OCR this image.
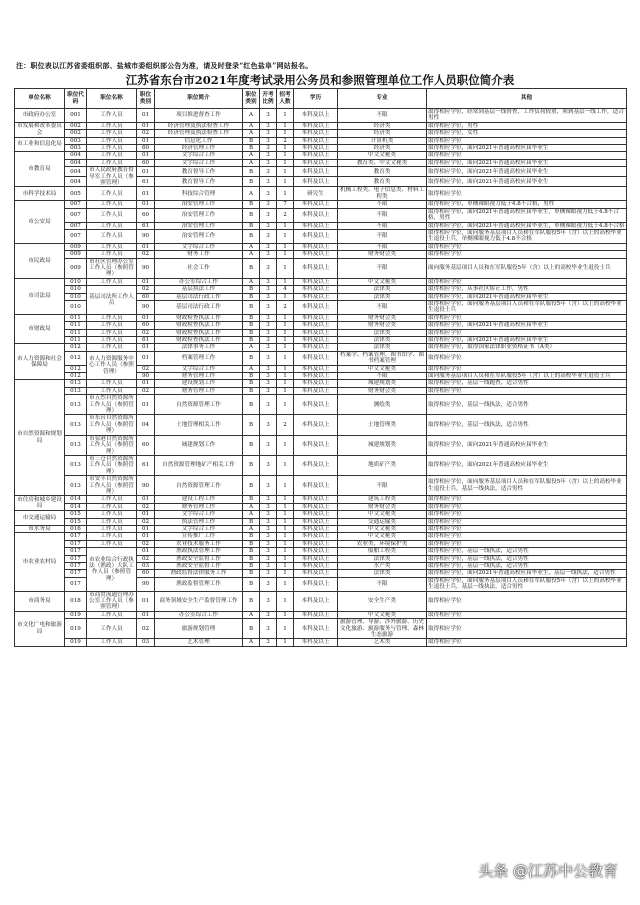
注：职位表以江苏省委组织部、盐城市委组织部公告为准，请及时登录“红色盐阜”网站报名。
江苏省东台市2021年度考试录用公务员和参照管理单位工作人员职位简介表
单位名称	职位代码	职位名称	职位类别	职位简介	职位类别	开考比例	招考人数	学历	专业	其他
市政府办公室	001	工作人员	01	项目推进督查工作	A	3	1	本科及以上	不限	取得相应学位，经常到基层一线督查，工作负荷较重，须到基层一线工作，适合男性
市发展和改革委员会	002	工作人员	01	经济管理及执法检查工作	A	3	1	本科及以上	经济类	取得相应学位，男性
	002	工作人员	02	经济管理及执法检查工作	A	3	1	本科及以上	经济类	取得相应学位，女性
市工业和信息化局	003	工作人员	01	信息化工作	B	3	2	本科及以上	计算机类	取得相应学位
	003	工作人员	60	经济管理工作	B	3	1	本科及以上	经济类	取得相应学位，面向2021年普通高校应届毕业生
市教育局	004	工作人员	01	文字综合工作	A	3	1	本科及以上	中文文秘类	取得相应学位
	004	工作人员	60	文字综合工作	A	3	1	本科及以上	教育类、中文文秘类	取得相应学位，面向2021年普通高校应届毕业生
	004	市人民政府教育督导室工作人员（参照管理）	01	教育督导工作	B	3	1	本科及以上	教育类	取得相应学位，面向2021年普通高校应届毕业生
	004		61	教育督导工作	B	3	1	本科及以上	教育类	取得相应学位，面向2021年普通高校应届毕业生
市科学技术局	005	工作人员	01	科技综合管理	A	3	1	研究生	机械工程类、电子信息类、材料工程类	取得相应学位
市公安局	007	工作人员	01	治安管理工作	B	3	7	本科及以上	不限	取得相应学位，单侧裸眼视力低于4.8不合格，男性
	007	工作人员	60	治安管理工作	B	3	2	本科及以上	不限	取得相应学位，面向2021年普通高校应届毕业生，单侧裸眼视力低于4.8不合格，男性
	007	工作人员	61	治安管理工作	B	3	1	本科及以上	不限	取得相应学位，面向2021年普通高校应届毕业生，单侧裸眼视力低于4.8不合格
	007	工作人员	90	治安管理工作	B	3	1	本科及以上	不限	取得相应学位，面向服务基层项目人员和在军队服役5年（含）以上的高校毕业生退役士兵，单侧裸眼视力低于4.8不合格
市民政局	009	工作人员	01	文字综合工作	A	3	1	本科及以上	不限	取得相应学位
	009	工作人员	02	财务工作	A	3	1	本科及以上	财务财会类	取得相应学位
	009	市社区管理办公室工作人员（参照管理）	90	社会工作	B	3	1	本科及以上	不限	面向服务基层项目人员和在军队服役5年（含）以上的高校毕业生退役士兵
市司法局	010	工作人员	01	办公室综合工作	A	3	1	本科及以上	中文文秘类	取得相应学位
	010	基层司法所工作人员	02	基层执法工作	B	3	4	本科及以上	法律类	取得相应学位，从事社区矫正工作，男性
	010		60	基层司法行政工作	B	3	1	本科及以上	法律类	取得相应学位，面向2021年普通高校应届毕业生
	010		90	基层司法行政工作	B	3	2	本科及以上	不限	取得相应学位，面向服务基层项目人员和在军队服役5年（含）以上的高校毕业生退役士兵
市财政局	011	工作人员	01	财政检查执法工作	B	3	1	本科及以上	财务财会类	取得相应学位
	011	工作人员	60	财政检查执法工作	B	3	1	本科及以上	财务财会类	取得相应学位，面向2021年普通高校应届毕业生
	011	工作人员	02	财政检查执法工作	B	3	1	本科及以上	法律类	取得相应学位
	011	工作人员	61	财政检查执法工作	B	3	1	本科及以上	法律类	取得相应学位，面向2021年普通高校应届毕业生
市人力资源和社会保障局	012	工作人员	01	法律事务工作	A	3	1	本科及以上	法律类	取得相应学位，取得国家法律职业资格证书（A类）
	012	市人力资源服务中心工作人员（参照管理）	01	档案管理工作	B	3	1	本科及以上	档案学、档案管理、图书馆学、图书档案管理	取得相应学位
	012		02	文字综合工作	A	3	1	本科及以上	中文文秘类	取得相应学位
	012		90	财务管理工作	B	3	1	本科及以上	不限	面向服务基层项目人员和在军队服役5年（含）以上的高校毕业生退役士兵
市自然资源和规划局	013	工作人员	01	建设规划工作	B	3	1	本科及以上	城建规划类	取得相应学位，基层一线跑查，适合男性
	013	工作人员	02	财务管理工作	B	3	1	本科及以上	财务财会类	取得相应学位
	013	市五烈自然资源所工作人员（参照管理）	01	自然资源管理工作	B	3	1	本科及以上	测绘类	取得相应学位，基层一线执法，适合男性
	013	市东台自然资源所工作人员（参照管理）	04	土地管理相关工作	B	3	2	本科及以上	土地管理类	取得相应学位，基层一线执法，适合男性
	013	市弶港自然资源所工作人员（参照管理）	60	城建规划工作	B	3	1	本科及以上	城建规划类	取得相应学位，面向2021年普通高校应届毕业生
	013	市三仓自然资源所工作人员（参照管理）	61	自然资源管理地矿产相关工作	B	3	1	本科及以上	地质矿产类	取得相应学位，面向2021年普通高校应届毕业生
	013	市安丰自然资源所工作人员（参照管理）	90	自然资源管理工作	B	3	1	本科及以上	不限	取得相应学位，面向服务基层项目人员和在军队服役5年（含）以上的高校毕业生退役士兵，基层一线执法，适合男性
市住房和城乡建设局	014	工作人员	01	建设工程工作	B	3	1	本科及以上	建筑工程类	取得相应学位
	014	工作人员	02	财务管理工作	A	3	1	本科及以上	财务财会类	取得相应学位
市交通运输局	015	工作人员	01	文字综合工作	A	3	1	本科及以上	中文文秘类	取得相应学位
	015	工作人员	02	执法管理工作	B	3	1	本科及以上	交通运输类	取得相应学位
市水务局	016	工作人员	01	文字综合工作	A	3	1	本科及以上	中文文秘类	取得相应学位
市农业农村局	017	工作人员	01	宣传推广工作	B	3	1	本科及以上	中文文秘类	取得相应学位
	017	工作人员	02	农业技术服务工作	B	3	1	本科及以上	农业类、环境保护类	取得相应学位
	017	市农业综合行政执法（渔政）大队工作人员（参照管理）	01	渔政执法管理工作	B	3	1	本科及以上	船舶工程类	取得相应学位，基层一线执法，适合男性
	017		02	渔政安全监督工作	B	3	1	本科及以上	法律类	取得相应学位，基层一线执法，适合男性
	017		03	渔政安全监督工作	B	3	1	本科及以上	水产类	取得相应学位，基层一线执法，适合男性
	017		60	渔政监督法律服务工作	B	3	1	本科及以上	法律类	取得相应学位，面向2021年普通高校应届毕业生，基层一线执法，适合男性
	017		90	渔政监督管理工作	B	3	1	本科及以上	不限	取得相应学位，面向服务基层项目人员和在军队服役5年（含）以上的高校毕业生退役士兵，基层一线执法，适合男性
市商务局	018	市商贸流通管理办公室工作人员（参照管理）	01	商务领域安全生产监督管理工作	B	3	1	本科及以上	安全生产类	取得相应学位
市文化广电和旅游局	019	工作人员	01	办公室综合工作	A	3	1	本科及以上	中文文秘类	取得相应学位
	019	工作人员	02	旅游规划管理	B	3	1	本科及以上	旅游管理、导游、涉外旅游、历史文化旅游、旅游服务与管理、森林生态旅游	取得相应学位
	019	工作人员	03	艺术管理	A	3	1	本科及以上	艺术类	取得相应学位
头条 @江苏中公教育
